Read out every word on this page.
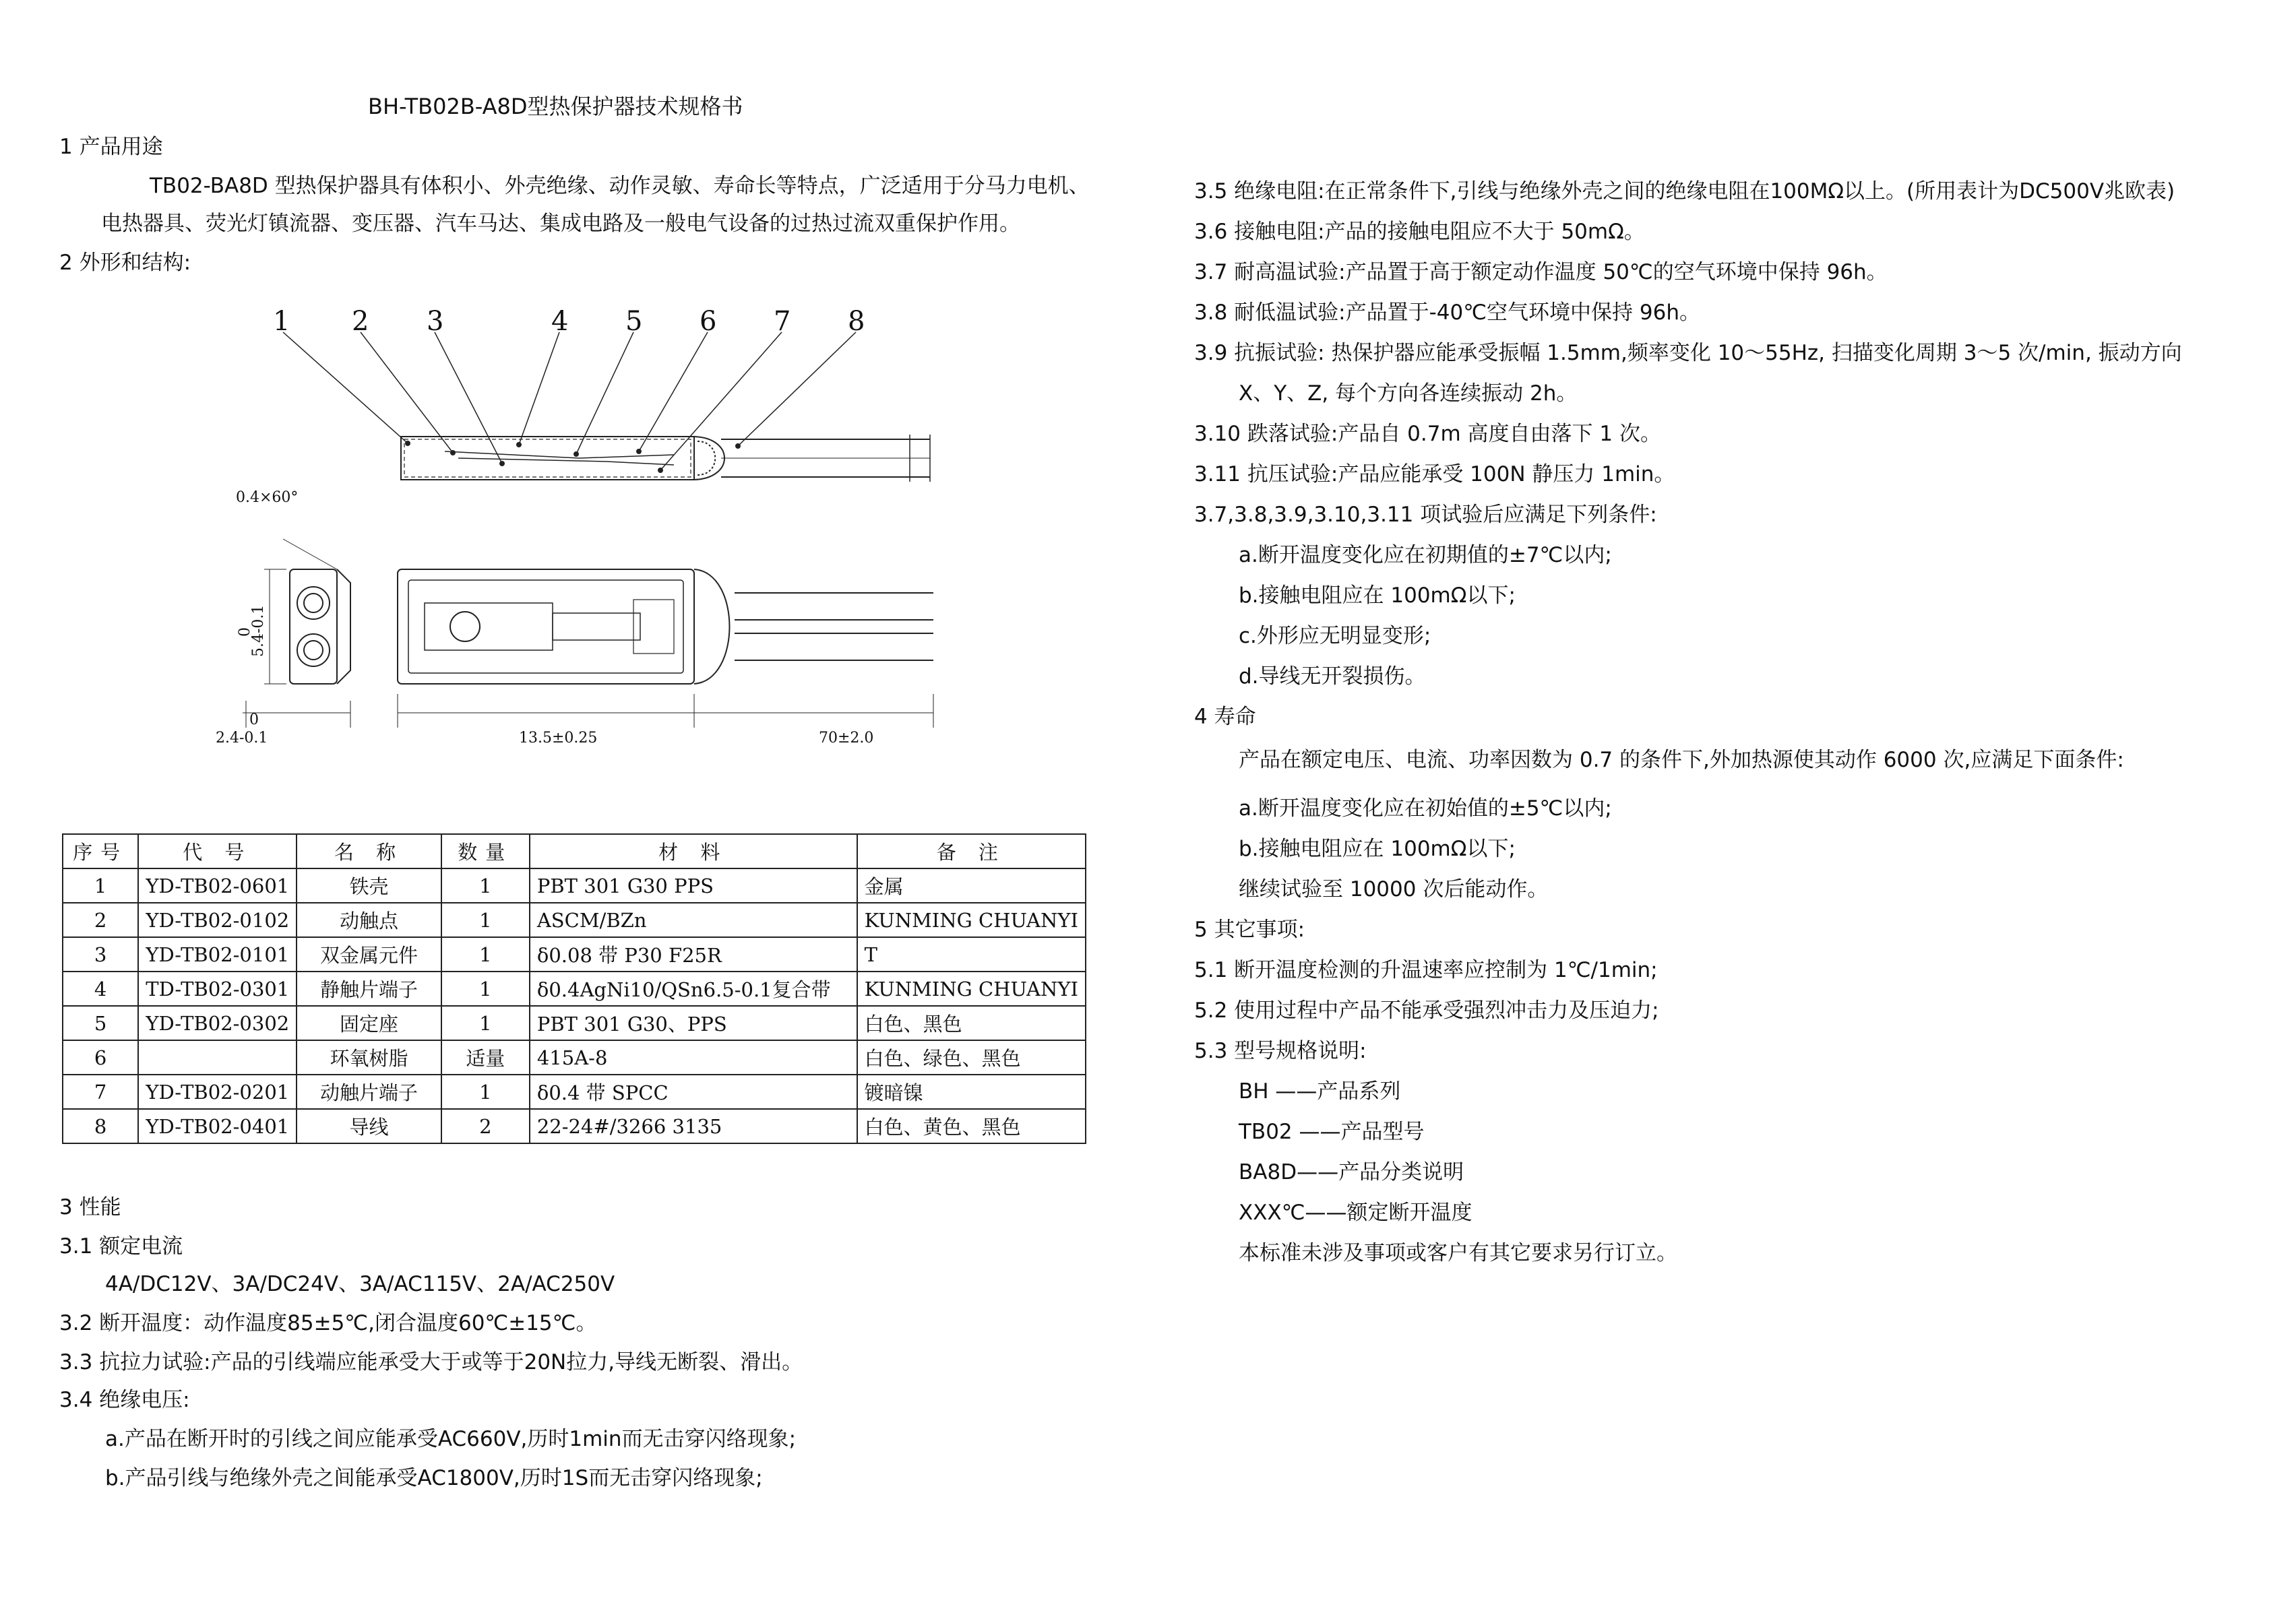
BH-TB02B-A8D型热保护器技术规格书
1 产品用途
TB02-BA8D 型热保护器具有体积小、外壳绝缘、动作灵敏、寿命长等特点，广泛适用于分马力电机、
电热器具、荧光灯镇流器、变压器、汽车马达、集成电路及一般电气设备的过热过流双重保护作用。
2 外形和结构:
1 2 3	4 5 6 7 8
0.4×60°
0
5.4-0.1
0
2.4-0.1	13.5±0.25	70±2.0
序号	代 号	名 称	数量	材 料	备 注
1	YD-TB02-0601	铁壳	1	PBT 301 G30 PPS	金属
2	YD-TB02-0102	动触点	1	ASCM/BZn	KUNMING CHUANYI
3	YD-TB02-0101	双金属元件	1	δ0.08 带 P30 F25R	T
4	TD-TB02-0301	静触片端子	1	δ0.4AgNi10/QSn6.5-0.1复合带	KUNMING CHUANYI
5	YD-TB02-0302	固定座	1	PBT 301 G30、PPS	白色、黑色
6		环氧树脂	适量	415A-8	白色、绿色、黑色
7	YD-TB02-0201	动触片端子	1	δ0.4 带 SPCC	镀暗镍
8	YD-TB02-0401	导线	2	22-24#/3266 3135	白色、黄色、黑色
3 性能
3.1 额定电流
4A/DC12V、3A/DC24V、3A/AC115V、2A/AC250V
3.2 断开温度：动作温度85±5℃,闭合温度60℃±15℃。
3.3 抗拉力试验:产品的引线端应能承受大于或等于20N拉力,导线无断裂、滑出。
3.4 绝缘电压:
a.产品在断开时的引线之间应能承受AC660V,历时1min而无击穿闪络现象;
b.产品引线与绝缘外壳之间能承受AC1800V,历时1S而无击穿闪络现象;
3.5 绝缘电阻:在正常条件下,引线与绝缘外壳之间的绝缘电阻在100MΩ以上。(所用表计为DC500V兆欧表)
3.6 接触电阻:产品的接触电阻应不大于 50mΩ。
3.7 耐高温试验:产品置于高于额定动作温度 50℃的空气环境中保持 96h。
3.8 耐低温试验:产品置于-40℃空气环境中保持 96h。
3.9 抗振试验: 热保护器应能承受振幅 1.5mm,频率变化 10～55Hz, 扫描变化周期 3～5 次/min, 振动方向
X、Y、Z, 每个方向各连续振动 2h。
3.10 跌落试验:产品自 0.7m 高度自由落下 1 次。
3.11 抗压试验:产品应能承受 100N 静压力 1min。
3.7,3.8,3.9,3.10,3.11 项试验后应满足下列条件:
a.断开温度变化应在初期值的±7℃以内;
b.接触电阻应在 100mΩ以下;
c.外形应无明显变形;
d.导线无开裂损伤。
4 寿命
产品在额定电压、电流、功率因数为 0.7 的条件下,外加热源使其动作 6000 次,应满足下面条件:
a.断开温度变化应在初始值的±5℃以内;
b.接触电阻应在 100mΩ以下;
继续试验至 10000 次后能动作。
5 其它事项:
5.1 断开温度检测的升温速率应控制为 1℃/1min;
5.2 使用过程中产品不能承受强烈冲击力及压迫力;
5.3 型号规格说明:
BH ——产品系列
TB02 ——产品型号
BA8D——产品分类说明
XXX℃——额定断开温度
本标准未涉及事项或客户有其它要求另行订立。
